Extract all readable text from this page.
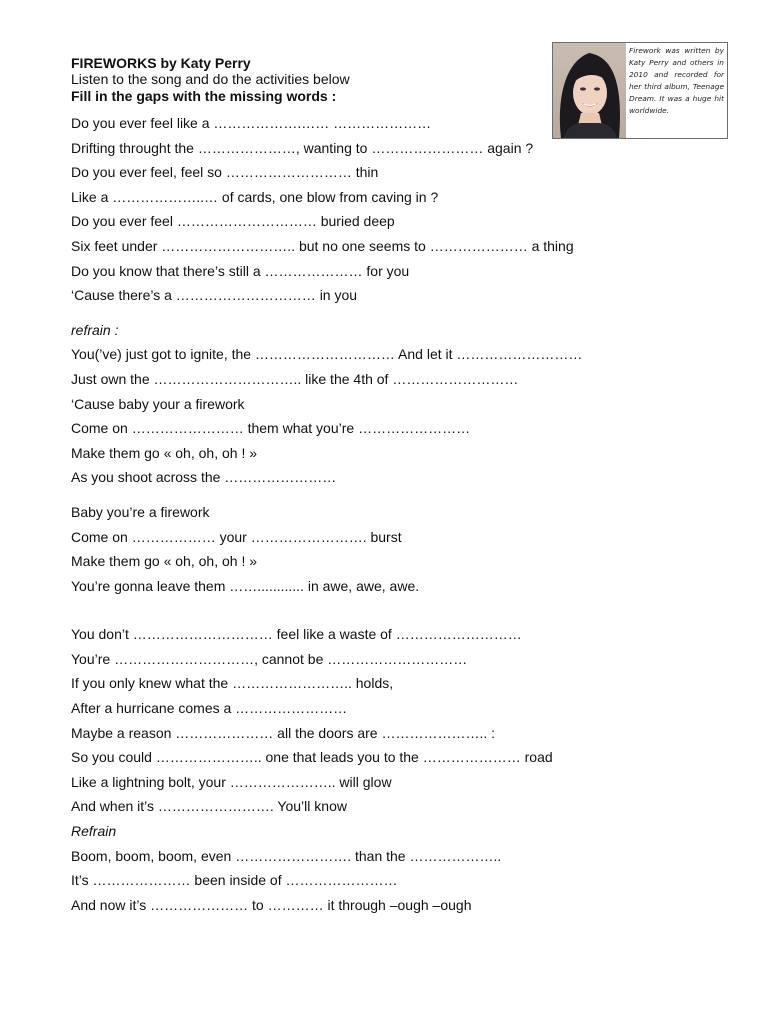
FIREWORKS by Katy Perry

Listen to the song and do the activities below

Fill in the gaps with the missing words :

Do you ever feel like a ……………….…… …………………

Drifting throught the …………………, wanting to …………………… again ?

Do you ever feel, feel so ……………………… thin

Like a ………………..… of cards, one blow from caving in ?

Do you ever feel ………………………… buried deep

Six feet under ……………………….. but no one seems to ………………… a thing

Do you know that there’s still a ………………… for you

‘Cause there’s a ………………………… in you

refrain :

You(’ve) just got to ignite, the ………………………… And let it ………………………

Just own the ………………………….. like the 4th of ………………………

‘Cause baby your a firework

Come on …………………… them what you’re ……………………

Make them go « oh, oh, oh ! »

As you shoot across the ……………………

Baby you’re a firework

Come on ……………… your ……………………. burst

Make them go « oh, oh, oh ! »

You’re gonna leave them ……............ in awe, awe, awe.

You don’t ………………………… feel like a waste of ………………………

You’re …………………………, cannot be …………………………

If you only knew what the …………………….. holds,

After a hurricane comes a ……………………

Maybe a reason ………………… all the doors are ………………….. :

So you could ………………….. one that leads you to the ………………… road

Like a lightning bolt, your ………………….. will glow

And when it’s ……………………. You’ll know

Refrain

Boom, boom, boom, even ……………………. than the ………………..

It’s ………………… been inside of ……………………

And now it’s ………………… to ………… it through –ough –ough

Firework was written by Katy Perry and others in 2010 and recorded for her third album, Teenage Dream. It was a huge hit worldwide.
